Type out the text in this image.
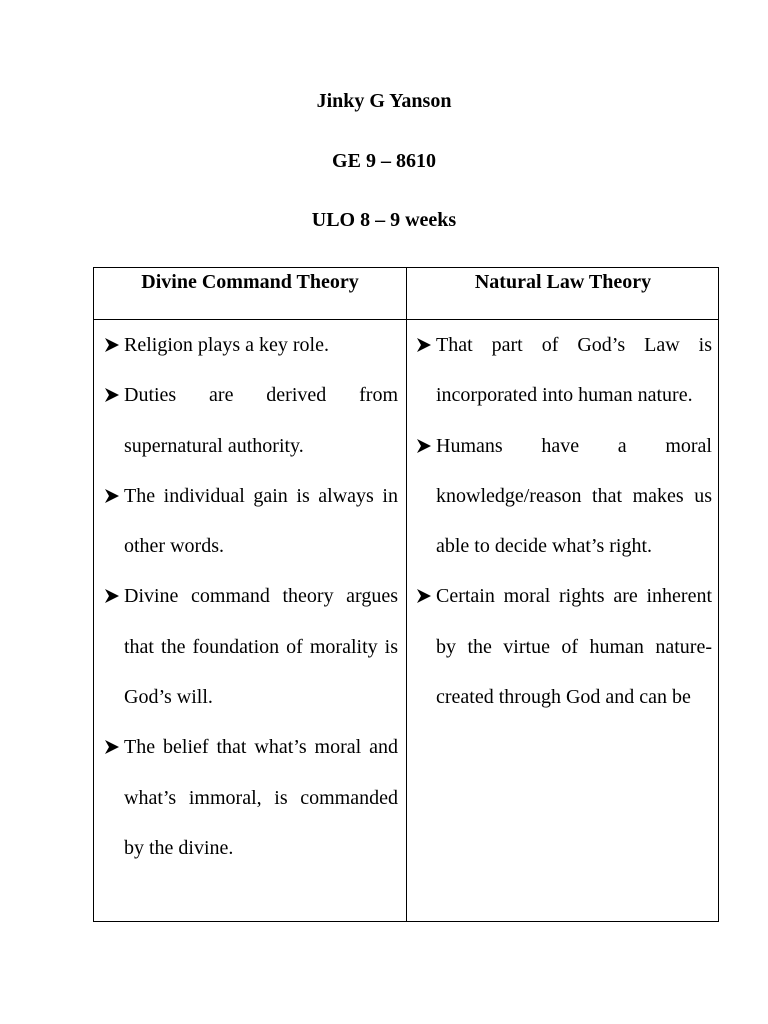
Jinky G Yanson
GE 9 – 8610
ULO 8 – 9 weeks
Divine Command Theory	Natural Law Theory
Religion plays a key role.
Duties are derived from supernatural authority.
The individual gain is always in other words.
Divine command theory argues that the foundation of morality is God’s will.
The belief that what’s moral and what’s immoral, is commanded by the divine.
That part of God’s Law is incorporated into human nature.
Humans have a moral knowledge/reason that makes us able to decide what’s right.
Certain moral rights are inherent by the virtue of human nature-created through God and can be
